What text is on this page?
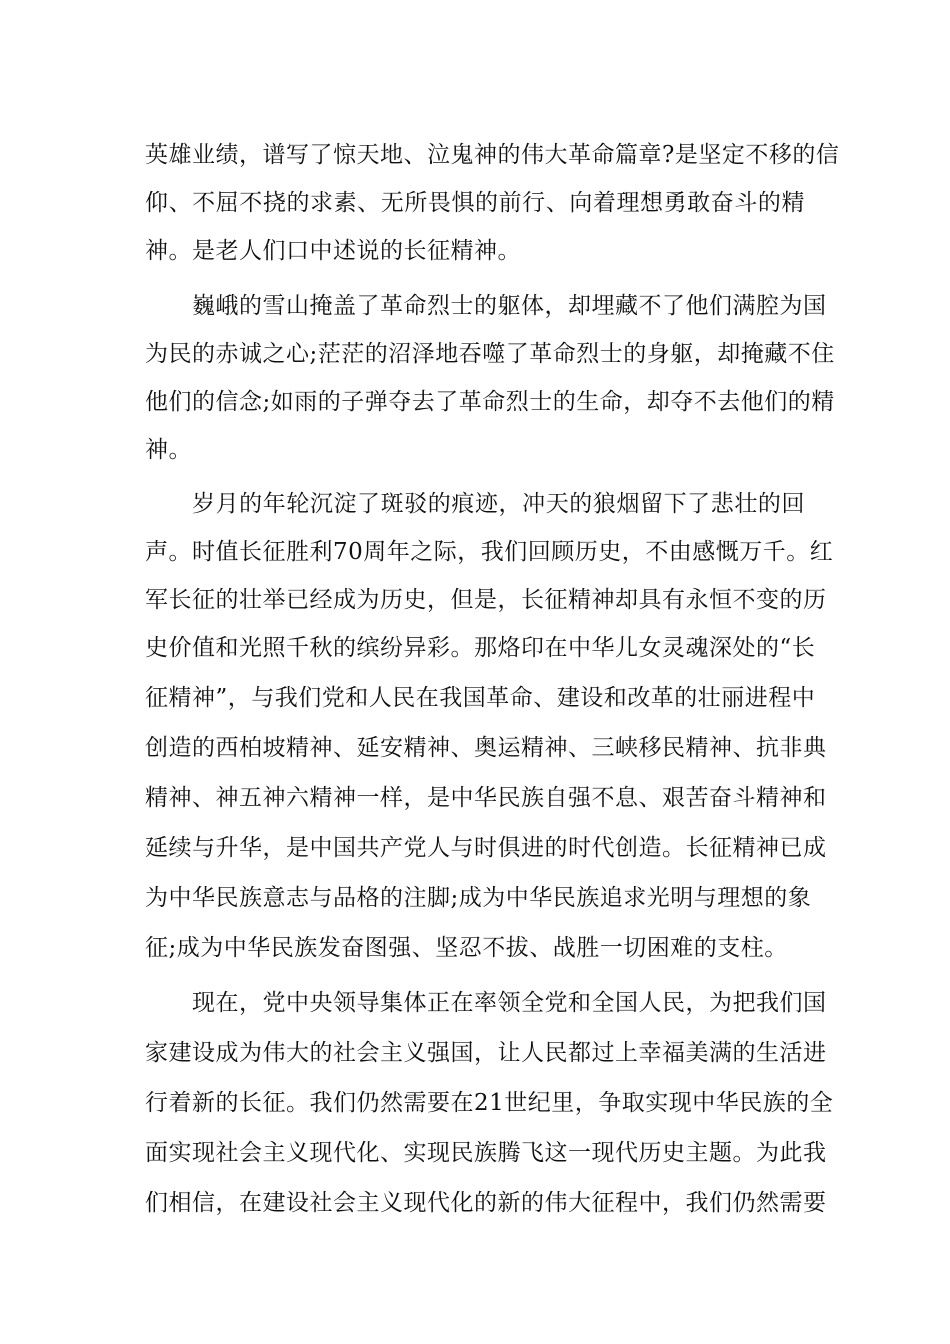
英雄业绩，谱写了惊天地、泣鬼神的伟大革命篇章?是坚定不移的信
仰、不屈不挠的求素、无所畏惧的前行、向着理想勇敢奋斗的精
神。是老人们口中述说的长征精神。
巍峨的雪山掩盖了革命烈士的躯体，却埋藏不了他们满腔为国
为民的赤诚之心;茫茫的沼泽地吞噬了革命烈士的身躯，却掩藏不住
他们的信念;如雨的子弹夺去了革命烈士的生命，却夺不去他们的精
神。
岁月的年轮沉淀了斑驳的痕迹，冲天的狼烟留下了悲壮的回
声。时值长征胜利70周年之际，我们回顾历史，不由感慨万千。红
军长征的壮举已经成为历史，但是，长征精神却具有永恒不变的历
史价值和光照千秋的缤纷异彩。那烙印在中华儿女灵魂深处的“长
征精神”，与我们党和人民在我国革命、建设和改革的壮丽进程中
创造的西柏坡精神、延安精神、奥运精神、三峡移民精神、抗非典
精神、神五神六精神一样，是中华民族自强不息、艰苦奋斗精神和
延续与升华，是中国共产党人与时俱进的时代创造。长征精神已成
为中华民族意志与品格的注脚;成为中华民族追求光明与理想的象
征;成为中华民族发奋图强、坚忍不拔、战胜一切困难的支柱。
现在，党中央领导集体正在率领全党和全国人民，为把我们国
家建设成为伟大的社会主义强国，让人民都过上幸福美满的生活进
行着新的长征。我们仍然需要在21世纪里，争取实现中华民族的全
面实现社会主义现代化、实现民族腾飞这一现代历史主题。为此我
们相信，在建设社会主义现代化的新的伟大征程中，我们仍然需要
